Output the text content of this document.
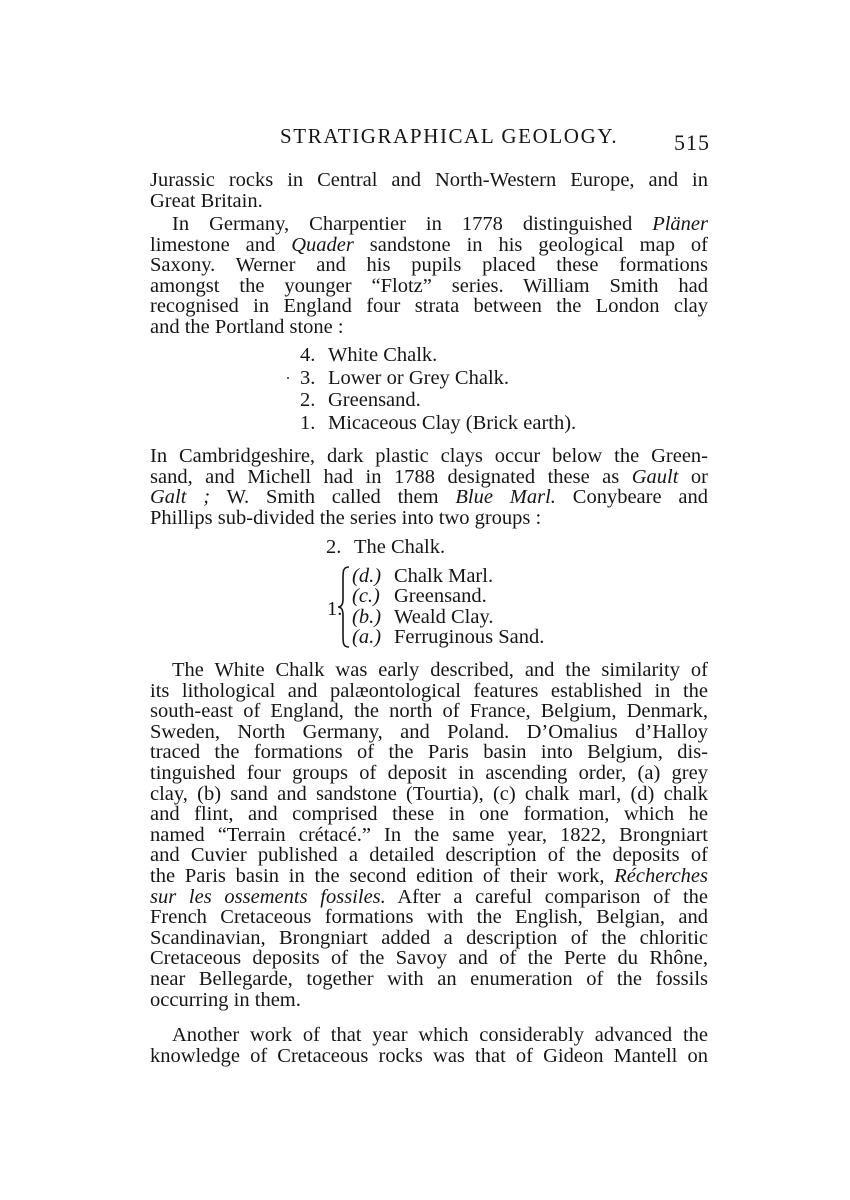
STRATIGRAPHICAL GEOLOGY.	515
Jurassic rocks in Central and North-Western Europe, and in
Great Britain.
In Germany, Charpentier in 1778 distinguished Pläner
limestone and Quader sandstone in his geological map of
Saxony. Werner and his pupils placed these formations
amongst the younger “Flotz” series. William Smith had
recognised in England four strata between the London clay
and the Portland stone :
4. White Chalk.
3. Lower or Grey Chalk.
2. Greensand.
1. Micaceous Clay (Brick earth).
In Cambridgeshire, dark plastic clays occur below the Green-
sand, and Michell had in 1788 designated these as Gault or
Galt ; W. Smith called them Blue Marl. Conybeare and
Phillips sub-divided the series into two groups :
2. The Chalk.
1.
(d.) Chalk Marl.
(c.) Greensand.
(b.) Weald Clay.
(a.) Ferruginous Sand.
The White Chalk was early described, and the similarity of
its lithological and palæontological features established in the
south-east of England, the north of France, Belgium, Denmark,
Sweden, North Germany, and Poland. D’Omalius d’Halloy
traced the formations of the Paris basin into Belgium, dis-
tinguished four groups of deposit in ascending order, (a) grey
clay, (b) sand and sandstone (Tourtia), (c) chalk marl, (d) chalk
and flint, and comprised these in one formation, which he
named “Terrain crétacé.” In the same year, 1822, Brongniart
and Cuvier published a detailed description of the deposits of
the Paris basin in the second edition of their work, Récherches
sur les ossements fossiles. After a careful comparison of the
French Cretaceous formations with the English, Belgian, and
Scandinavian, Brongniart added a description of the chloritic
Cretaceous deposits of the Savoy and of the Perte du Rhône,
near Bellegarde, together with an enumeration of the fossils
occurring in them.
Another work of that year which considerably advanced the
knowledge of Cretaceous rocks was that of Gideon Mantell on
